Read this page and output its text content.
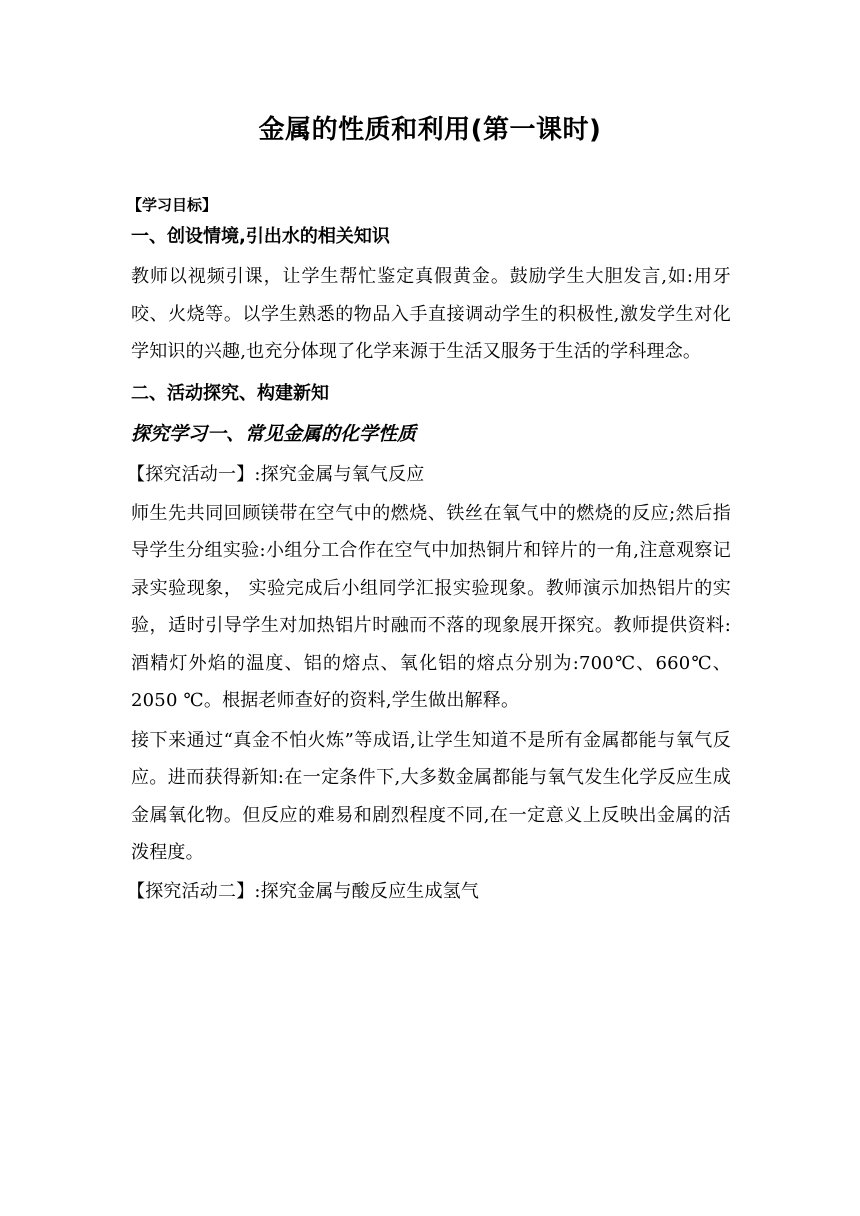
金属的性质和利用(第一课时)
【学习目标】
一、创设情境,引出水的相关知识
教师以视频引课，让学生帮忙鉴定真假黄金。鼓励学生大胆发言,如:用牙咬、火烧等。以学生熟悉的物品入手直接调动学生的积极性,激发学生对化学知识的兴趣,也充分体现了化学来源于生活又服务于生活的学科理念。
二、活动探究、构建新知
探究学习一、常见金属的化学性质
【探究活动一】:探究金属与氧气反应
师生先共同回顾镁带在空气中的燃烧、铁丝在氧气中的燃烧的反应;然后指导学生分组实验:小组分工合作在空气中加热铜片和锌片的一角,注意观察记录实验现象， 实验完成后小组同学汇报实验现象。教师演示加热铝片的实验，适时引导学生对加热铝片时融而不落的现象展开探究。教师提供资料:酒精灯外焰的温度、铝的熔点、氧化铝的熔点分别为:700℃、660℃、2050 ℃。根据老师查好的资料,学生做出解释。
接下来通过“真金不怕火炼”等成语,让学生知道不是所有金属都能与氧气反应。进而获得新知:在一定条件下,大多数金属都能与氧气发生化学反应生成金属氧化物。但反应的难易和剧烈程度不同,在一定意义上反映出金属的活泼程度。
【探究活动二】:探究金属与酸反应生成氢气
